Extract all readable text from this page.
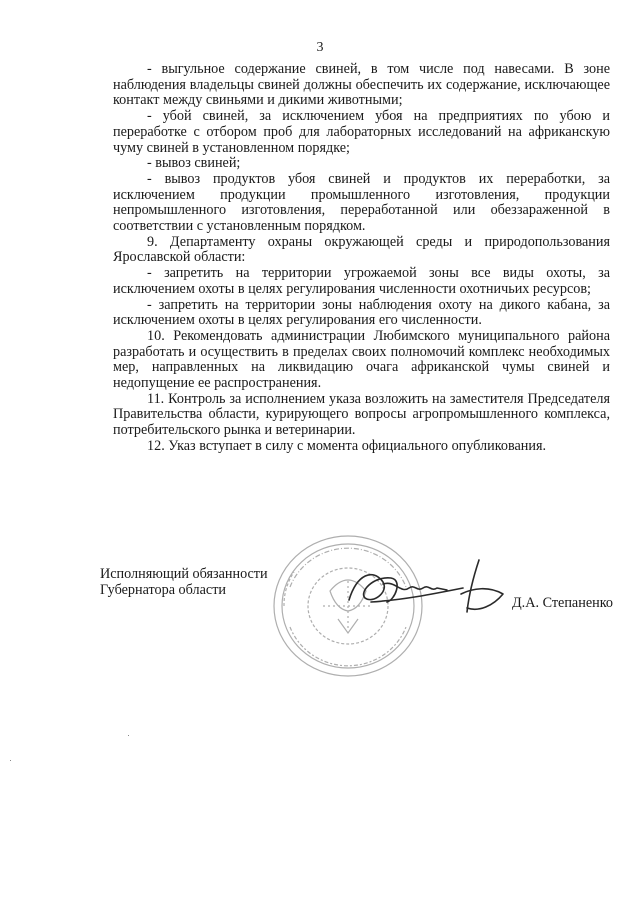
3

- выгульное содержание свиней, в том числе под навесами. В зоне наблюдения владельцы свиней должны обеспечить их содержание, исключающее контакт между свиньями и дикими животными;

- убой свиней, за исключением убоя на предприятиях по убою и переработке с отбором проб для лабораторных исследований на африканскую чуму свиней в установленном порядке;

- вывоз свиней;

- вывоз продуктов убоя свиней и продуктов их переработки, за исключением продукции промышленного изготовления, продукции непромышленного изготовления, переработанной или обеззараженной в соответствии с установленным порядком.

9. Департаменту охраны окружающей среды и природопользования Ярославской области:

- запретить на территории угрожаемой зоны все виды охоты, за исключением охоты в целях регулирования численности охотничьих ресурсов;

- запретить на территории зоны наблюдения охоту на дикого кабана, за исключением охоты в целях регулирования его численности.

10. Рекомендовать администрации Любимского муниципального района разработать и осуществить в пределах своих полномочий комплекс необходимых мер, направленных на ликвидацию очага африканской чумы свиней и недопущение ее распространения.

11. Контроль за исполнением указа возложить на заместителя Председателя Правительства области, курирующего вопросы агропромышленного комплекса, потребительского рынка и ветеринарии.

12. Указ вступает в силу с момента официального опубликования.

Исполняющий обязанности
Губернатора области
Д.А. Степаненко
